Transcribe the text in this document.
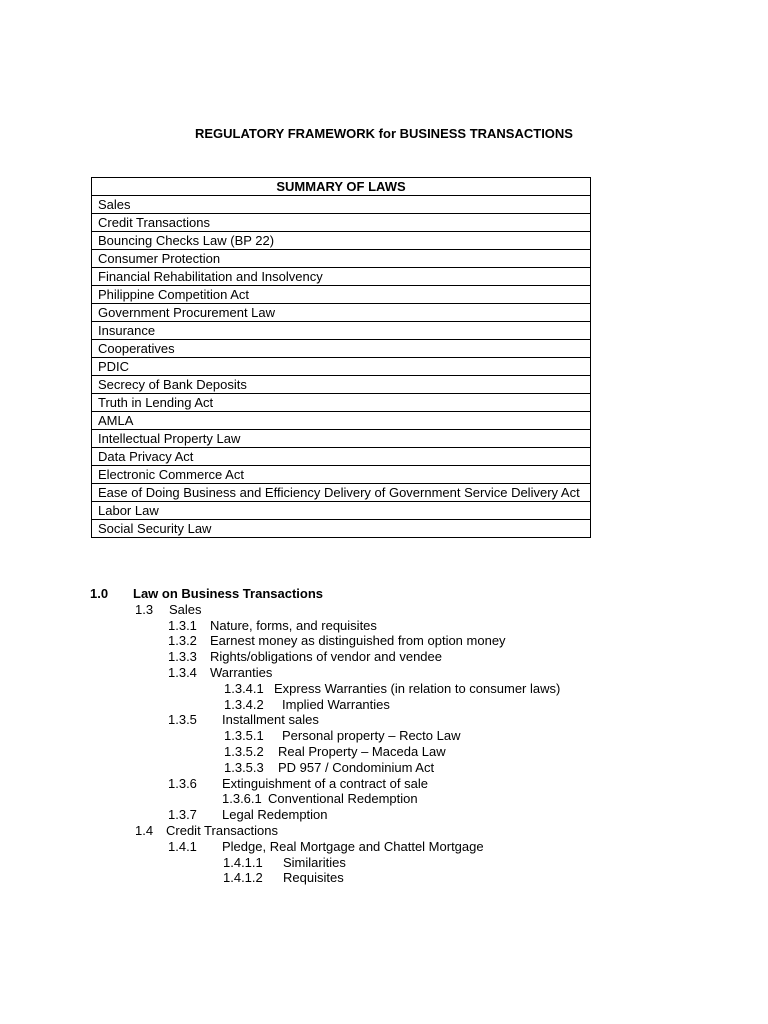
REGULATORY FRAMEWORK for BUSINESS TRANSACTIONS
SUMMARY OF LAWS
Sales
Credit Transactions
Bouncing Checks Law (BP 22)
Consumer Protection
Financial Rehabilitation and Insolvency
Philippine Competition Act
Government Procurement Law
Insurance
Cooperatives
PDIC
Secrecy of Bank Deposits
Truth in Lending Act
AMLA
Intellectual Property Law
Data Privacy Act
Electronic Commerce Act
Ease of Doing Business and Efficiency Delivery of Government Service Delivery Act
Labor Law
Social Security Law
1.0 Law on Business Transactions
1.3 Sales
1.3.1 Nature, forms, and requisites
1.3.2 Earnest money as distinguished from option money
1.3.3 Rights/obligations of vendor and vendee
1.3.4 Warranties
1.3.4.1 Express Warranties (in relation to consumer laws)
1.3.4.2 Implied Warranties
1.3.5 Installment sales
1.3.5.1 Personal property – Recto Law
1.3.5.2 Real Property – Maceda Law
1.3.5.3 PD 957 / Condominium Act
1.3.6 Extinguishment of a contract of sale
1.3.6.1 Conventional Redemption
1.3.7 Legal Redemption
1.4 Credit Transactions
1.4.1 Pledge, Real Mortgage and Chattel Mortgage
1.4.1.1 Similarities
1.4.1.2 Requisites
